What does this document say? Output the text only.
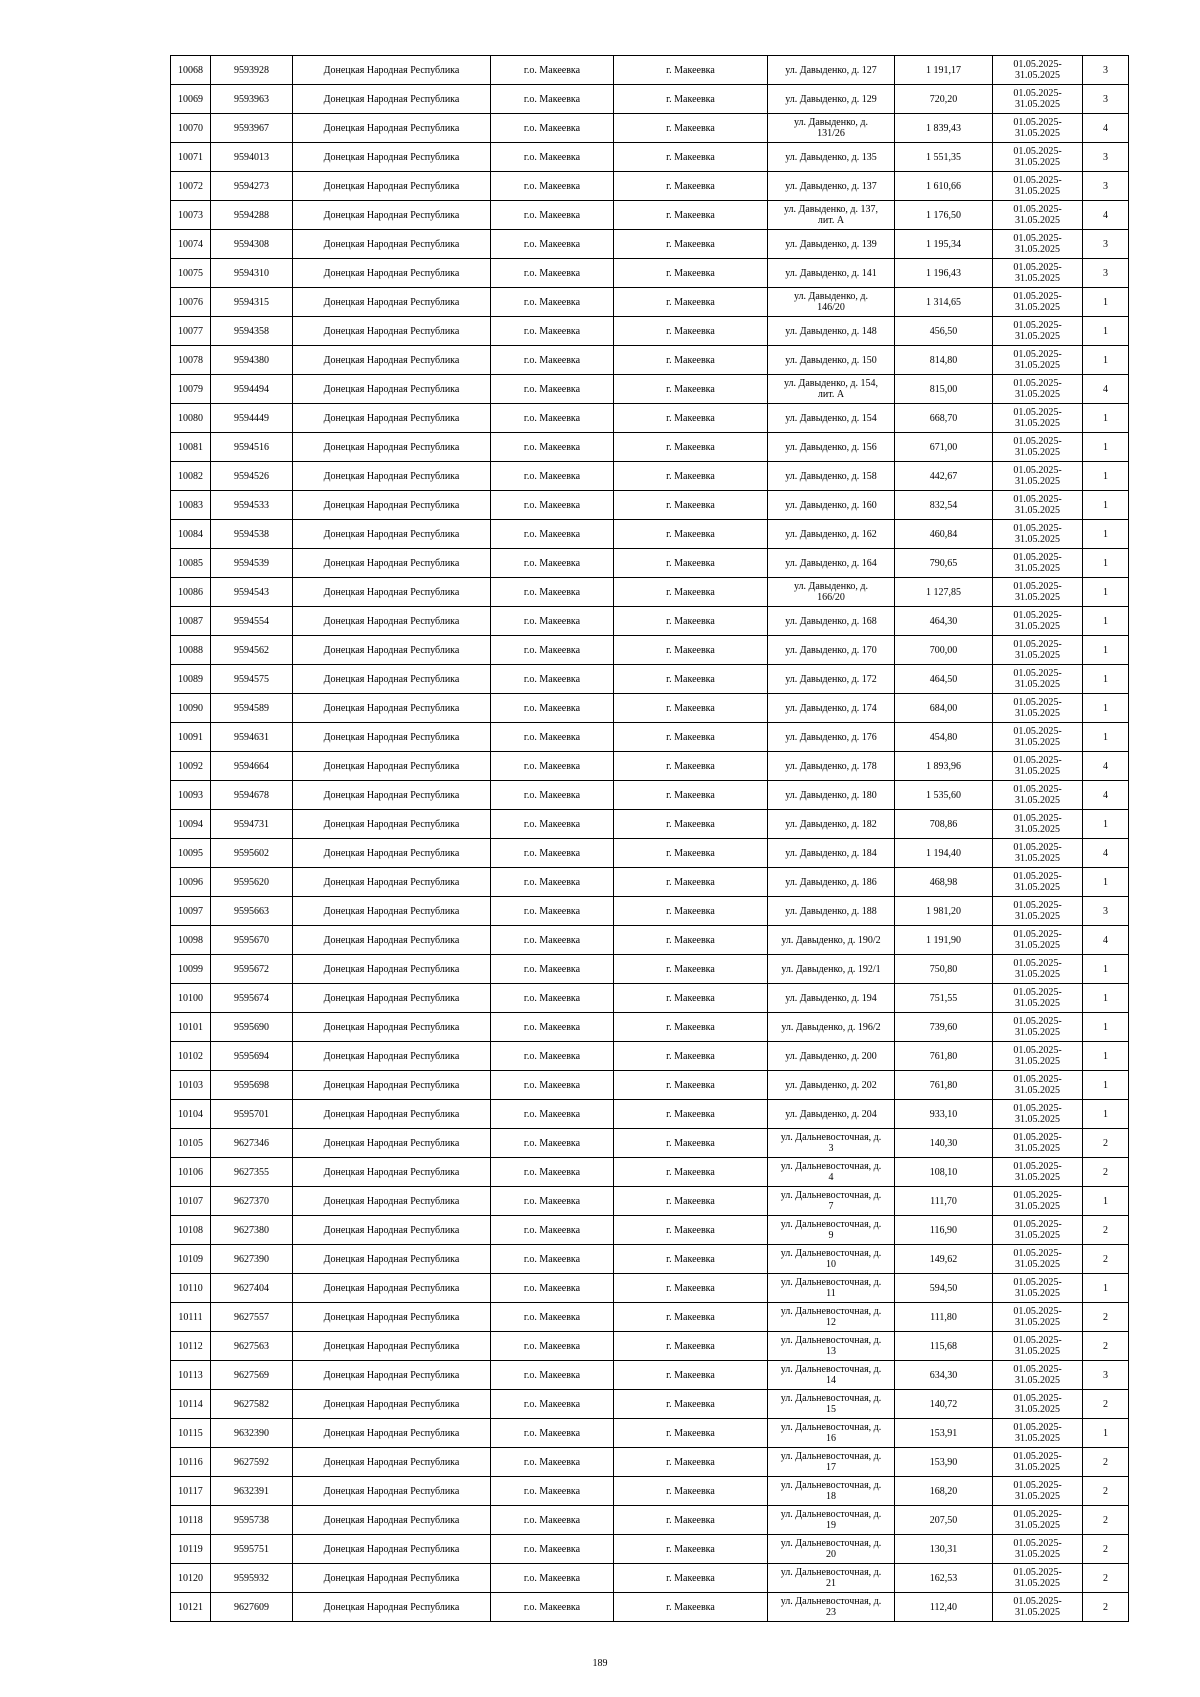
10068	9593928	Донецкая Народная Республика	г.о. Макеевка	г. Макеевка	ул. Давыденко, д. 127	1 191,17	01.05.2025-
31.05.2025	3
10069	9593963	Донецкая Народная Республика	г.о. Макеевка	г. Макеевка	ул. Давыденко, д. 129	720,20	01.05.2025-
31.05.2025	3
10070	9593967	Донецкая Народная Республика	г.о. Макеевка	г. Макеевка	ул. Давыденко, д.
131/26	1 839,43	01.05.2025-
31.05.2025	4
10071	9594013	Донецкая Народная Республика	г.о. Макеевка	г. Макеевка	ул. Давыденко, д. 135	1 551,35	01.05.2025-
31.05.2025	3
10072	9594273	Донецкая Народная Республика	г.о. Макеевка	г. Макеевка	ул. Давыденко, д. 137	1 610,66	01.05.2025-
31.05.2025	3
10073	9594288	Донецкая Народная Республика	г.о. Макеевка	г. Макеевка	ул. Давыденко, д. 137,
лит. А	1 176,50	01.05.2025-
31.05.2025	4
10074	9594308	Донецкая Народная Республика	г.о. Макеевка	г. Макеевка	ул. Давыденко, д. 139	1 195,34	01.05.2025-
31.05.2025	3
10075	9594310	Донецкая Народная Республика	г.о. Макеевка	г. Макеевка	ул. Давыденко, д. 141	1 196,43	01.05.2025-
31.05.2025	3
10076	9594315	Донецкая Народная Республика	г.о. Макеевка	г. Макеевка	ул. Давыденко, д.
146/20	1 314,65	01.05.2025-
31.05.2025	1
10077	9594358	Донецкая Народная Республика	г.о. Макеевка	г. Макеевка	ул. Давыденко, д. 148	456,50	01.05.2025-
31.05.2025	1
10078	9594380	Донецкая Народная Республика	г.о. Макеевка	г. Макеевка	ул. Давыденко, д. 150	814,80	01.05.2025-
31.05.2025	1
10079	9594494	Донецкая Народная Республика	г.о. Макеевка	г. Макеевка	ул. Давыденко, д. 154,
лит. А	815,00	01.05.2025-
31.05.2025	4
10080	9594449	Донецкая Народная Республика	г.о. Макеевка	г. Макеевка	ул. Давыденко, д. 154	668,70	01.05.2025-
31.05.2025	1
10081	9594516	Донецкая Народная Республика	г.о. Макеевка	г. Макеевка	ул. Давыденко, д. 156	671,00	01.05.2025-
31.05.2025	1
10082	9594526	Донецкая Народная Республика	г.о. Макеевка	г. Макеевка	ул. Давыденко, д. 158	442,67	01.05.2025-
31.05.2025	1
10083	9594533	Донецкая Народная Республика	г.о. Макеевка	г. Макеевка	ул. Давыденко, д. 160	832,54	01.05.2025-
31.05.2025	1
10084	9594538	Донецкая Народная Республика	г.о. Макеевка	г. Макеевка	ул. Давыденко, д. 162	460,84	01.05.2025-
31.05.2025	1
10085	9594539	Донецкая Народная Республика	г.о. Макеевка	г. Макеевка	ул. Давыденко, д. 164	790,65	01.05.2025-
31.05.2025	1
10086	9594543	Донецкая Народная Республика	г.о. Макеевка	г. Макеевка	ул. Давыденко, д.
166/20	1 127,85	01.05.2025-
31.05.2025	1
10087	9594554	Донецкая Народная Республика	г.о. Макеевка	г. Макеевка	ул. Давыденко, д. 168	464,30	01.05.2025-
31.05.2025	1
10088	9594562	Донецкая Народная Республика	г.о. Макеевка	г. Макеевка	ул. Давыденко, д. 170	700,00	01.05.2025-
31.05.2025	1
10089	9594575	Донецкая Народная Республика	г.о. Макеевка	г. Макеевка	ул. Давыденко, д. 172	464,50	01.05.2025-
31.05.2025	1
10090	9594589	Донецкая Народная Республика	г.о. Макеевка	г. Макеевка	ул. Давыденко, д. 174	684,00	01.05.2025-
31.05.2025	1
10091	9594631	Донецкая Народная Республика	г.о. Макеевка	г. Макеевка	ул. Давыденко, д. 176	454,80	01.05.2025-
31.05.2025	1
10092	9594664	Донецкая Народная Республика	г.о. Макеевка	г. Макеевка	ул. Давыденко, д. 178	1 893,96	01.05.2025-
31.05.2025	4
10093	9594678	Донецкая Народная Республика	г.о. Макеевка	г. Макеевка	ул. Давыденко, д. 180	1 535,60	01.05.2025-
31.05.2025	4
10094	9594731	Донецкая Народная Республика	г.о. Макеевка	г. Макеевка	ул. Давыденко, д. 182	708,86	01.05.2025-
31.05.2025	1
10095	9595602	Донецкая Народная Республика	г.о. Макеевка	г. Макеевка	ул. Давыденко, д. 184	1 194,40	01.05.2025-
31.05.2025	4
10096	9595620	Донецкая Народная Республика	г.о. Макеевка	г. Макеевка	ул. Давыденко, д. 186	468,98	01.05.2025-
31.05.2025	1
10097	9595663	Донецкая Народная Республика	г.о. Макеевка	г. Макеевка	ул. Давыденко, д. 188	1 981,20	01.05.2025-
31.05.2025	3
10098	9595670	Донецкая Народная Республика	г.о. Макеевка	г. Макеевка	ул. Давыденко, д. 190/2	1 191,90	01.05.2025-
31.05.2025	4
10099	9595672	Донецкая Народная Республика	г.о. Макеевка	г. Макеевка	ул. Давыденко, д. 192/1	750,80	01.05.2025-
31.05.2025	1
10100	9595674	Донецкая Народная Республика	г.о. Макеевка	г. Макеевка	ул. Давыденко, д. 194	751,55	01.05.2025-
31.05.2025	1
10101	9595690	Донецкая Народная Республика	г.о. Макеевка	г. Макеевка	ул. Давыденко, д. 196/2	739,60	01.05.2025-
31.05.2025	1
10102	9595694	Донецкая Народная Республика	г.о. Макеевка	г. Макеевка	ул. Давыденко, д. 200	761,80	01.05.2025-
31.05.2025	1
10103	9595698	Донецкая Народная Республика	г.о. Макеевка	г. Макеевка	ул. Давыденко, д. 202	761,80	01.05.2025-
31.05.2025	1
10104	9595701	Донецкая Народная Республика	г.о. Макеевка	г. Макеевка	ул. Давыденко, д. 204	933,10	01.05.2025-
31.05.2025	1
10105	9627346	Донецкая Народная Республика	г.о. Макеевка	г. Макеевка	ул. Дальневосточная, д.
3	140,30	01.05.2025-
31.05.2025	2
10106	9627355	Донецкая Народная Республика	г.о. Макеевка	г. Макеевка	ул. Дальневосточная, д.
4	108,10	01.05.2025-
31.05.2025	2
10107	9627370	Донецкая Народная Республика	г.о. Макеевка	г. Макеевка	ул. Дальневосточная, д.
7	111,70	01.05.2025-
31.05.2025	1
10108	9627380	Донецкая Народная Республика	г.о. Макеевка	г. Макеевка	ул. Дальневосточная, д.
9	116,90	01.05.2025-
31.05.2025	2
10109	9627390	Донецкая Народная Республика	г.о. Макеевка	г. Макеевка	ул. Дальневосточная, д.
10	149,62	01.05.2025-
31.05.2025	2
10110	9627404	Донецкая Народная Республика	г.о. Макеевка	г. Макеевка	ул. Дальневосточная, д.
11	594,50	01.05.2025-
31.05.2025	1
10111	9627557	Донецкая Народная Республика	г.о. Макеевка	г. Макеевка	ул. Дальневосточная, д.
12	111,80	01.05.2025-
31.05.2025	2
10112	9627563	Донецкая Народная Республика	г.о. Макеевка	г. Макеевка	ул. Дальневосточная, д.
13	115,68	01.05.2025-
31.05.2025	2
10113	9627569	Донецкая Народная Республика	г.о. Макеевка	г. Макеевка	ул. Дальневосточная, д.
14	634,30	01.05.2025-
31.05.2025	3
10114	9627582	Донецкая Народная Республика	г.о. Макеевка	г. Макеевка	ул. Дальневосточная, д.
15	140,72	01.05.2025-
31.05.2025	2
10115	9632390	Донецкая Народная Республика	г.о. Макеевка	г. Макеевка	ул. Дальневосточная, д.
16	153,91	01.05.2025-
31.05.2025	1
10116	9627592	Донецкая Народная Республика	г.о. Макеевка	г. Макеевка	ул. Дальневосточная, д.
17	153,90	01.05.2025-
31.05.2025	2
10117	9632391	Донецкая Народная Республика	г.о. Макеевка	г. Макеевка	ул. Дальневосточная, д.
18	168,20	01.05.2025-
31.05.2025	2
10118	9595738	Донецкая Народная Республика	г.о. Макеевка	г. Макеевка	ул. Дальневосточная, д.
19	207,50	01.05.2025-
31.05.2025	2
10119	9595751	Донецкая Народная Республика	г.о. Макеевка	г. Макеевка	ул. Дальневосточная, д.
20	130,31	01.05.2025-
31.05.2025	2
10120	9595932	Донецкая Народная Республика	г.о. Макеевка	г. Макеевка	ул. Дальневосточная, д.
21	162,53	01.05.2025-
31.05.2025	2
10121	9627609	Донецкая Народная Республика	г.о. Макеевка	г. Макеевка	ул. Дальневосточная, д.
23	112,40	01.05.2025-
31.05.2025	2
189
